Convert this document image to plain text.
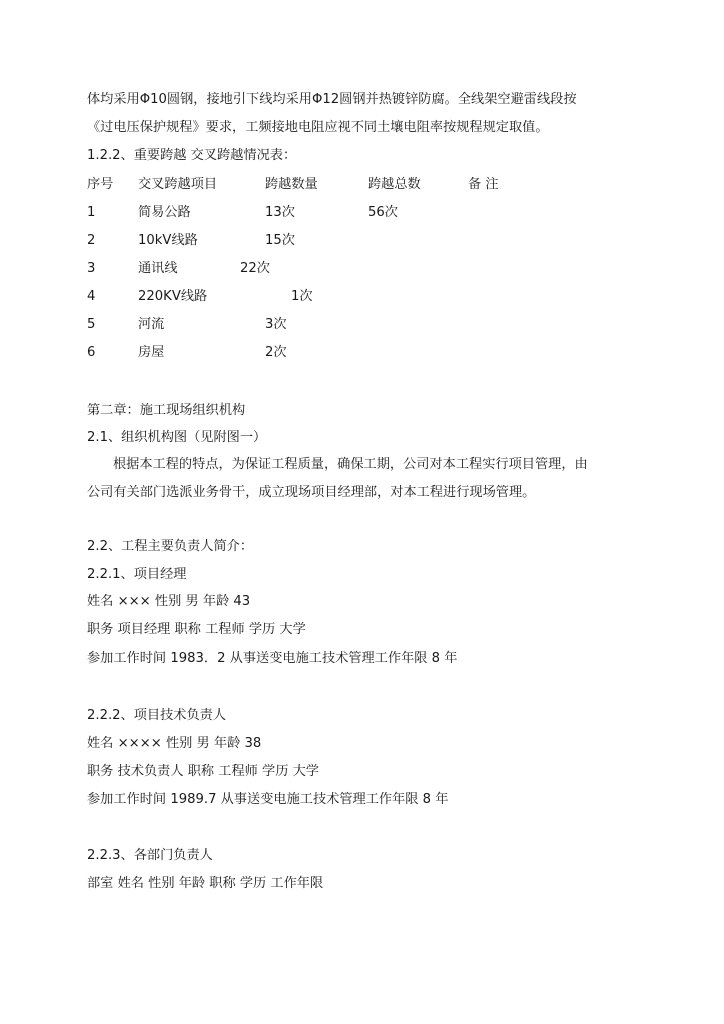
体均采用Φ10圆钢，接地引下线均采用Φ12圆钢并热镀锌防腐。全线架空避雷线段按
《过电压保护规程》要求，工频接地电阻应视不同土壤电阻率按规程规定取值。
1.2.2、重要跨越 交叉跨越情况表：
序号 交叉跨越项目	跨越数量	跨越总数	备 注
1	简易公路	13次	56次
2	10kV线路	15次
3	通讯线	22次
4	220KV线路	1次
5	河流	3次
6	房屋	2次
第二章：施工现场组织机构
2.1、组织机构图（见附图一）
根据本工程的特点，为保证工程质量，确保工期，公司对本工程实行项目管理，由
公司有关部门选派业务骨干，成立现场项目经理部，对本工程进行现场管理。
2.2、工程主要负责人简介：
2.2.1、项目经理
姓名 ××× 性别 男 年龄 43
职务 项目经理 职称 工程师 学历 大学
参加工作时间 1983．2 从事送变电施工技术管理工作年限 8 年
2.2.2、项目技术负责人
姓名 ×××× 性别 男 年龄 38
职务 技术负责人 职称 工程师 学历 大学
参加工作时间 1989.7 从事送变电施工技术管理工作年限 8 年
2.2.3、各部门负责人
部室 姓名 性别 年龄 职称 学历 工作年限
